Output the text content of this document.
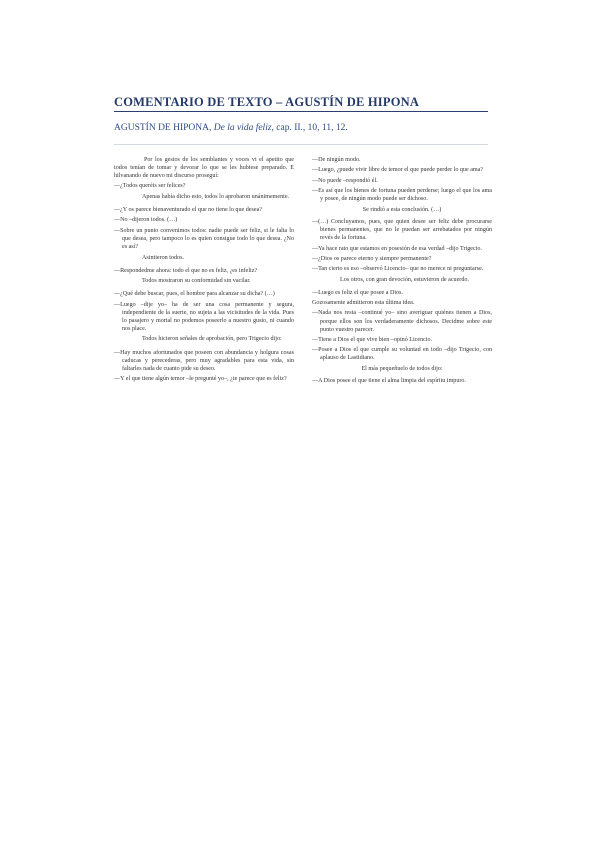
COMENTARIO DE TEXTO – AGUSTÍN DE HIPONA
AGUSTÍN DE HIPONA, De la vida feliz, cap. II., 10, 11, 12.

Por los gestos de los semblantes y voces vi el apetito que todos tenían de tomar y devorar lo que se les hubiese preparado. E hilvanando de nuevo mi discurso proseguí:

—¿Todos queréis ser felices?

Apenas había dicho esto, todos lo aprobaron unánimemente.

—¿Y os parece bienaventurado el que no tiene lo que desea?

—No –dijeron todos. (…)

—Sobre un punto convenimos todos: nadie puede ser feliz, si le falta lo que desea, pero tampoco lo es quien consigue todo lo que desea. ¿No es así?

Asintieron todos.

—Respondedme ahora: todo el que no es feliz, ¿es infeliz?

Todos mostraron su conformidad sin vacilar.

—¿Qué debe buscar, pues, el hombre para alcanzar su dicha? (…)

—Luego –dije yo– ha de ser una cosa permanente y segura, independiente de la suerte, no sujeta a las vicisitudes de la vida. Pues lo pasajero y mortal no podemos poseerlo a nuestro gusto, ni cuando nos place.

Todos hicieron señales de aprobación, pero Trigecio dijo:

—Hay muchos afortunados que poseen con abundancia y holgura cosas caducas y perecederas, pero muy agradables para esta vida, sin faltarles nada de cuanto pide su deseo.

—Y el que tiene algún temor –le pregunté yo–, ¿te parece que es feliz?

—De ningún modo.

—Luego, ¿puede vivir libre de temor el que puede perder lo que ama?

—No puede –respondió él.

—Es así que los bienes de fortuna pueden perderse; luego el que los ama y posee, de ningún modo puede ser dichoso.

Se rindió a esta conclusión. (…)

—(…) Concluyamos, pues, que quien desee ser feliz debe procurarse bienes permanentes, que no le puedan ser arrebatados por ningún revés de la fortuna.

—Ya hace rato que estamos en posesión de esa verdad –dijo Trigecio.

—¿Dios os parece eterno y siempre permanente?

—Tan cierto es eso –observó Licencio– que no merece ni preguntarse.

Los otros, con gran devoción, estuvieron de acuerdo.

—Luego es feliz el que posee a Dios.

Gozosamente admitieron esta última idea.

—Nada nos resta –continué yo– sino averiguar quiénes tienen a Dios, porque ellos son los verdaderamente dichosos. Decidme sobre este punto vuestro parecer.

—Tiene a Dios el que vive bien –opinó Licencio.

—Posee a Dios el que cumple su voluntad en todo –dijo Trigecio, con aplauso de Lastidiano.

El más pequeñuelo de todos dijo:

—A Dios posee el que tiene el alma limpia del espíritu impuro.
